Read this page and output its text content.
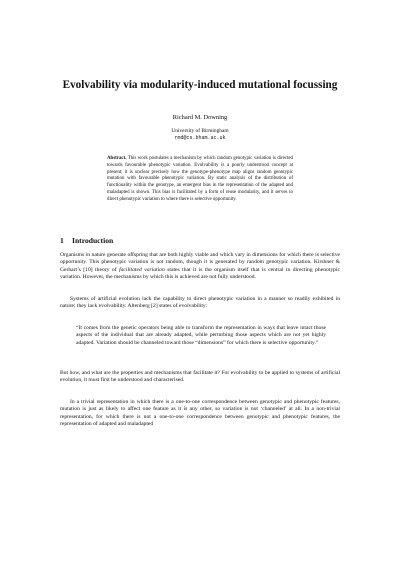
Evolvability via modularity-induced mutational focussing
Richard M. Downing
University of Birmingham
rmd@cs.bham.ac.uk
Abstract. This work postulates a mechanism by which random genotypic variation is directed towards favourable phenotypic variation. Evolvability is a poorly understood concept at present; it is unclear precisely how the genotype-phenotype map aligns random genotypic mutation with favourable phenotypic variation. By static analysis of the distribution of functionality within the genotype, an emergent bias in the representation of the adapted and maladapted is shown. This bias is facilitated by a form of reuse modularity, and it serves to direct phenotypic variation to where there is selective opportunity.
1 Introduction
Organisms in nature generate offspring that are both highly viable and which vary in dimensions for which there is selective opportunity. This phenotypic variation is not random, though it is generated by random genotypic variation. Kirshner & Gerhart’s [10] theory of facilitated variation states that it is the organism itself that is central in directing phenotypic variation. However, the mechanisms by which this is achieved are not fully understood.
Systems of artificial evolution lack the capability to direct phenotypic variation in a manner so readily exhibited in nature; they lack evolvability. Altenberg [2] states of evolvability:
“It comes from the genetic operators being able to transform the representation in ways that leave intact those aspects of the individual that are already adapted, while perturbing those aspects which are not yet highly adapted. Variation should be channeled toward those “dimensions” for which there is selective opportunity.”
But how, and what are the properties and mechanisms that facilitate it? For evolvability to be applied to systems of artificial evolution, it must first be understood and characterised.
In a trivial representation in which there is a one-to-one correspondence between genotypic and phenotypic features, mutation is just as likely to affect one feature as it is any other, so variation is not ‘channeled’ at all. In a non-trivial representation, for which there is not a one-to-one correspondence between genotypic and phenotypic features, the representation of adapted and maladapted
